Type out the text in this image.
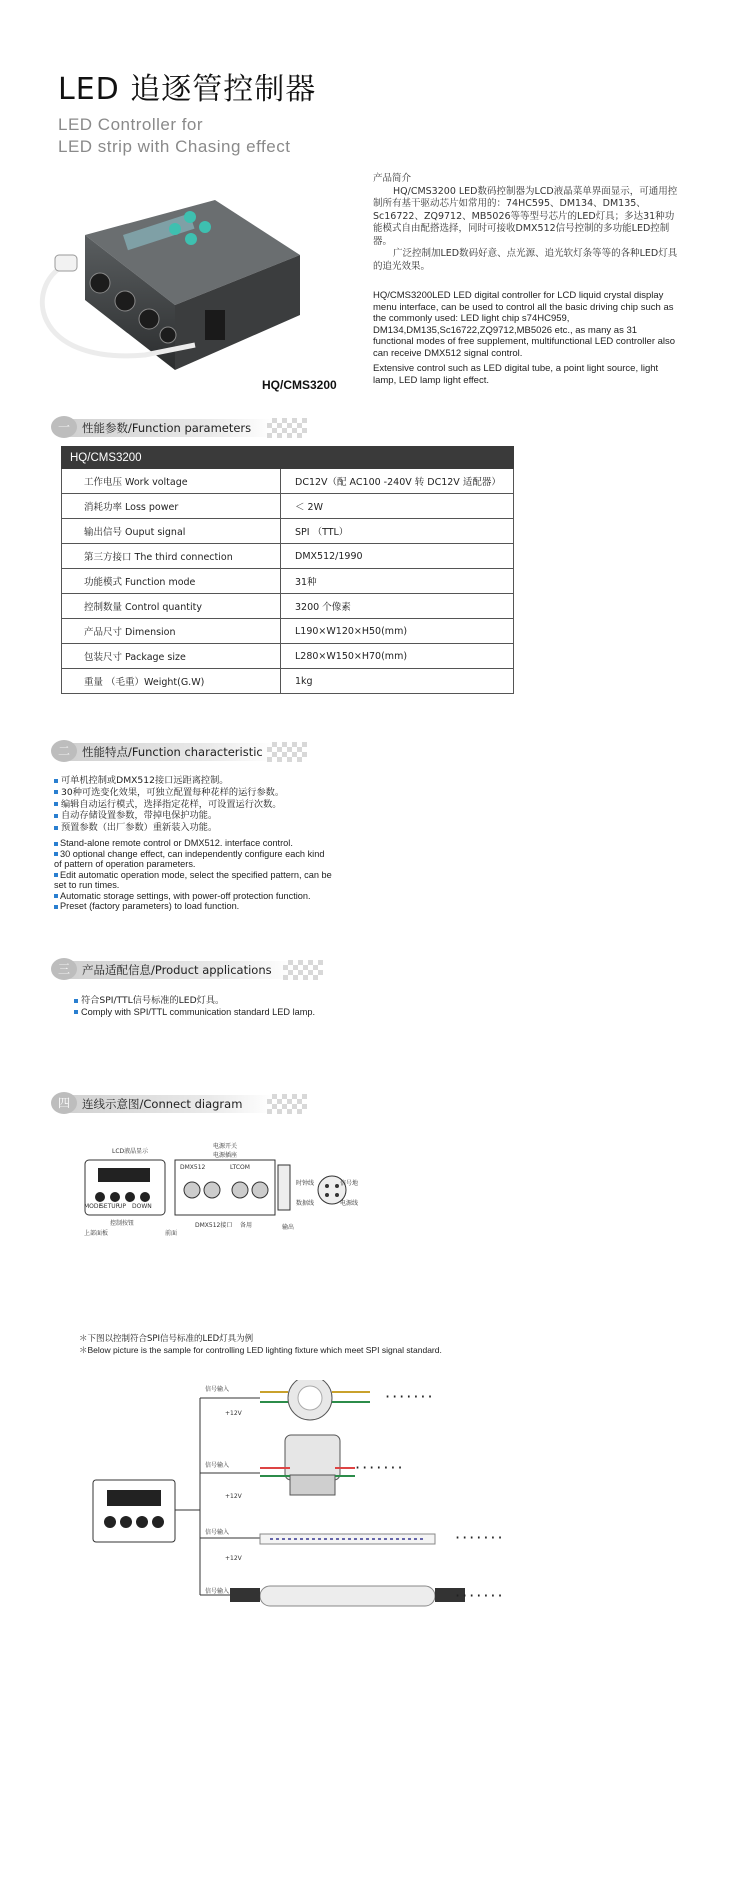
LED 追逐管控制器
LED Controller for
LED strip with Chasing effect
HQ/CMS3200

产品简介

HQ/CMS3200 LED数码控制器为LCD液晶菜单界面显示，可通用控制所有基干驱动芯片如常用的：74HC595、DM134、DM135、Sc16722、ZQ9712、MB5026等等型号芯片的LED灯具；多达31种功能模式自由配搭选择，同时可接收DMX512信号控制的多功能LED控制器。

广泛控制加LED数码好意、点光源、追光软灯条等等的各种LED灯具的追光效果。

HQ/CMS3200LED LED digital controller for LCD liquid crystal display menu interface, can be used to control all the basic driving chip such as the commonly used: LED light chip s74HC959, DM134,DM135,Sc16722,ZQ9712,MB5026 etc., as many as 31 functional modes of free supplement, multifunctional LED controller also can receive DMX512 signal control.

Extensive control such as LED digital tube, a point light source, light lamp, LED lamp light effect.

一	性能参数/Function parameters
HQ/CMS3200	
工作电压 Work voltage	DC12V（配 AC100 -240V 转 DC12V 适配器）
消耗功率 Loss power	＜ 2W
输出信号 Ouput signal	SPI （TTL）
第三方接口 The third connection	DMX512/1990
功能模式 Function mode	31种
控制数量 Control quantity	3200 个像素
产品尺寸 Dimension	L190×W120×H50(mm)
包装尺寸 Package size	L280×W150×H70(mm)
重量 （毛重）Weight(G.W)	1kg
二	性能特点/Function characteristic

可单机控制或DMX512接口远距离控制。

30种可选变化效果，可独立配置每种花样的运行参数。

编辑自动运行模式，选择指定花样，可设置运行次数。

自动存储设置参数，带掉电保护功能。

预置参数（出厂参数）重新装入功能。

Stand-alone remote control or DMX512. interface control.

30 optional change effect, can independently configure each kind of pattern of operation parameters.

Edit automatic operation mode, select the specified pattern, can be set to run times.

Automatic storage settings, with power-off protection function.

Preset (factory parameters) to load function.

三	产品适配信息/Product applications

符合SPI/TTL信号标准的LED灯具。

Comply with SPI/TTL communication standard LED lamp.

四	连线示意图/Connect diagram
LCD液晶显示
电源开关
电源插座
DMX512	LTCOM
MODE
SETUP
UP DOWN
控制按钮
上部面板	前面
DMX512接口 备用	输出
时钟线
数据线
信号地
电源线
＊下图以控制符合SPI信号标准的LED灯具为例
＊Below picture is the sample for controlling LED lighting fixture which meet SPI signal standard.
信号输入
+12V
信号输入
+12V
信号输入
+12V
信号输入
·······
·······
·······
·······
